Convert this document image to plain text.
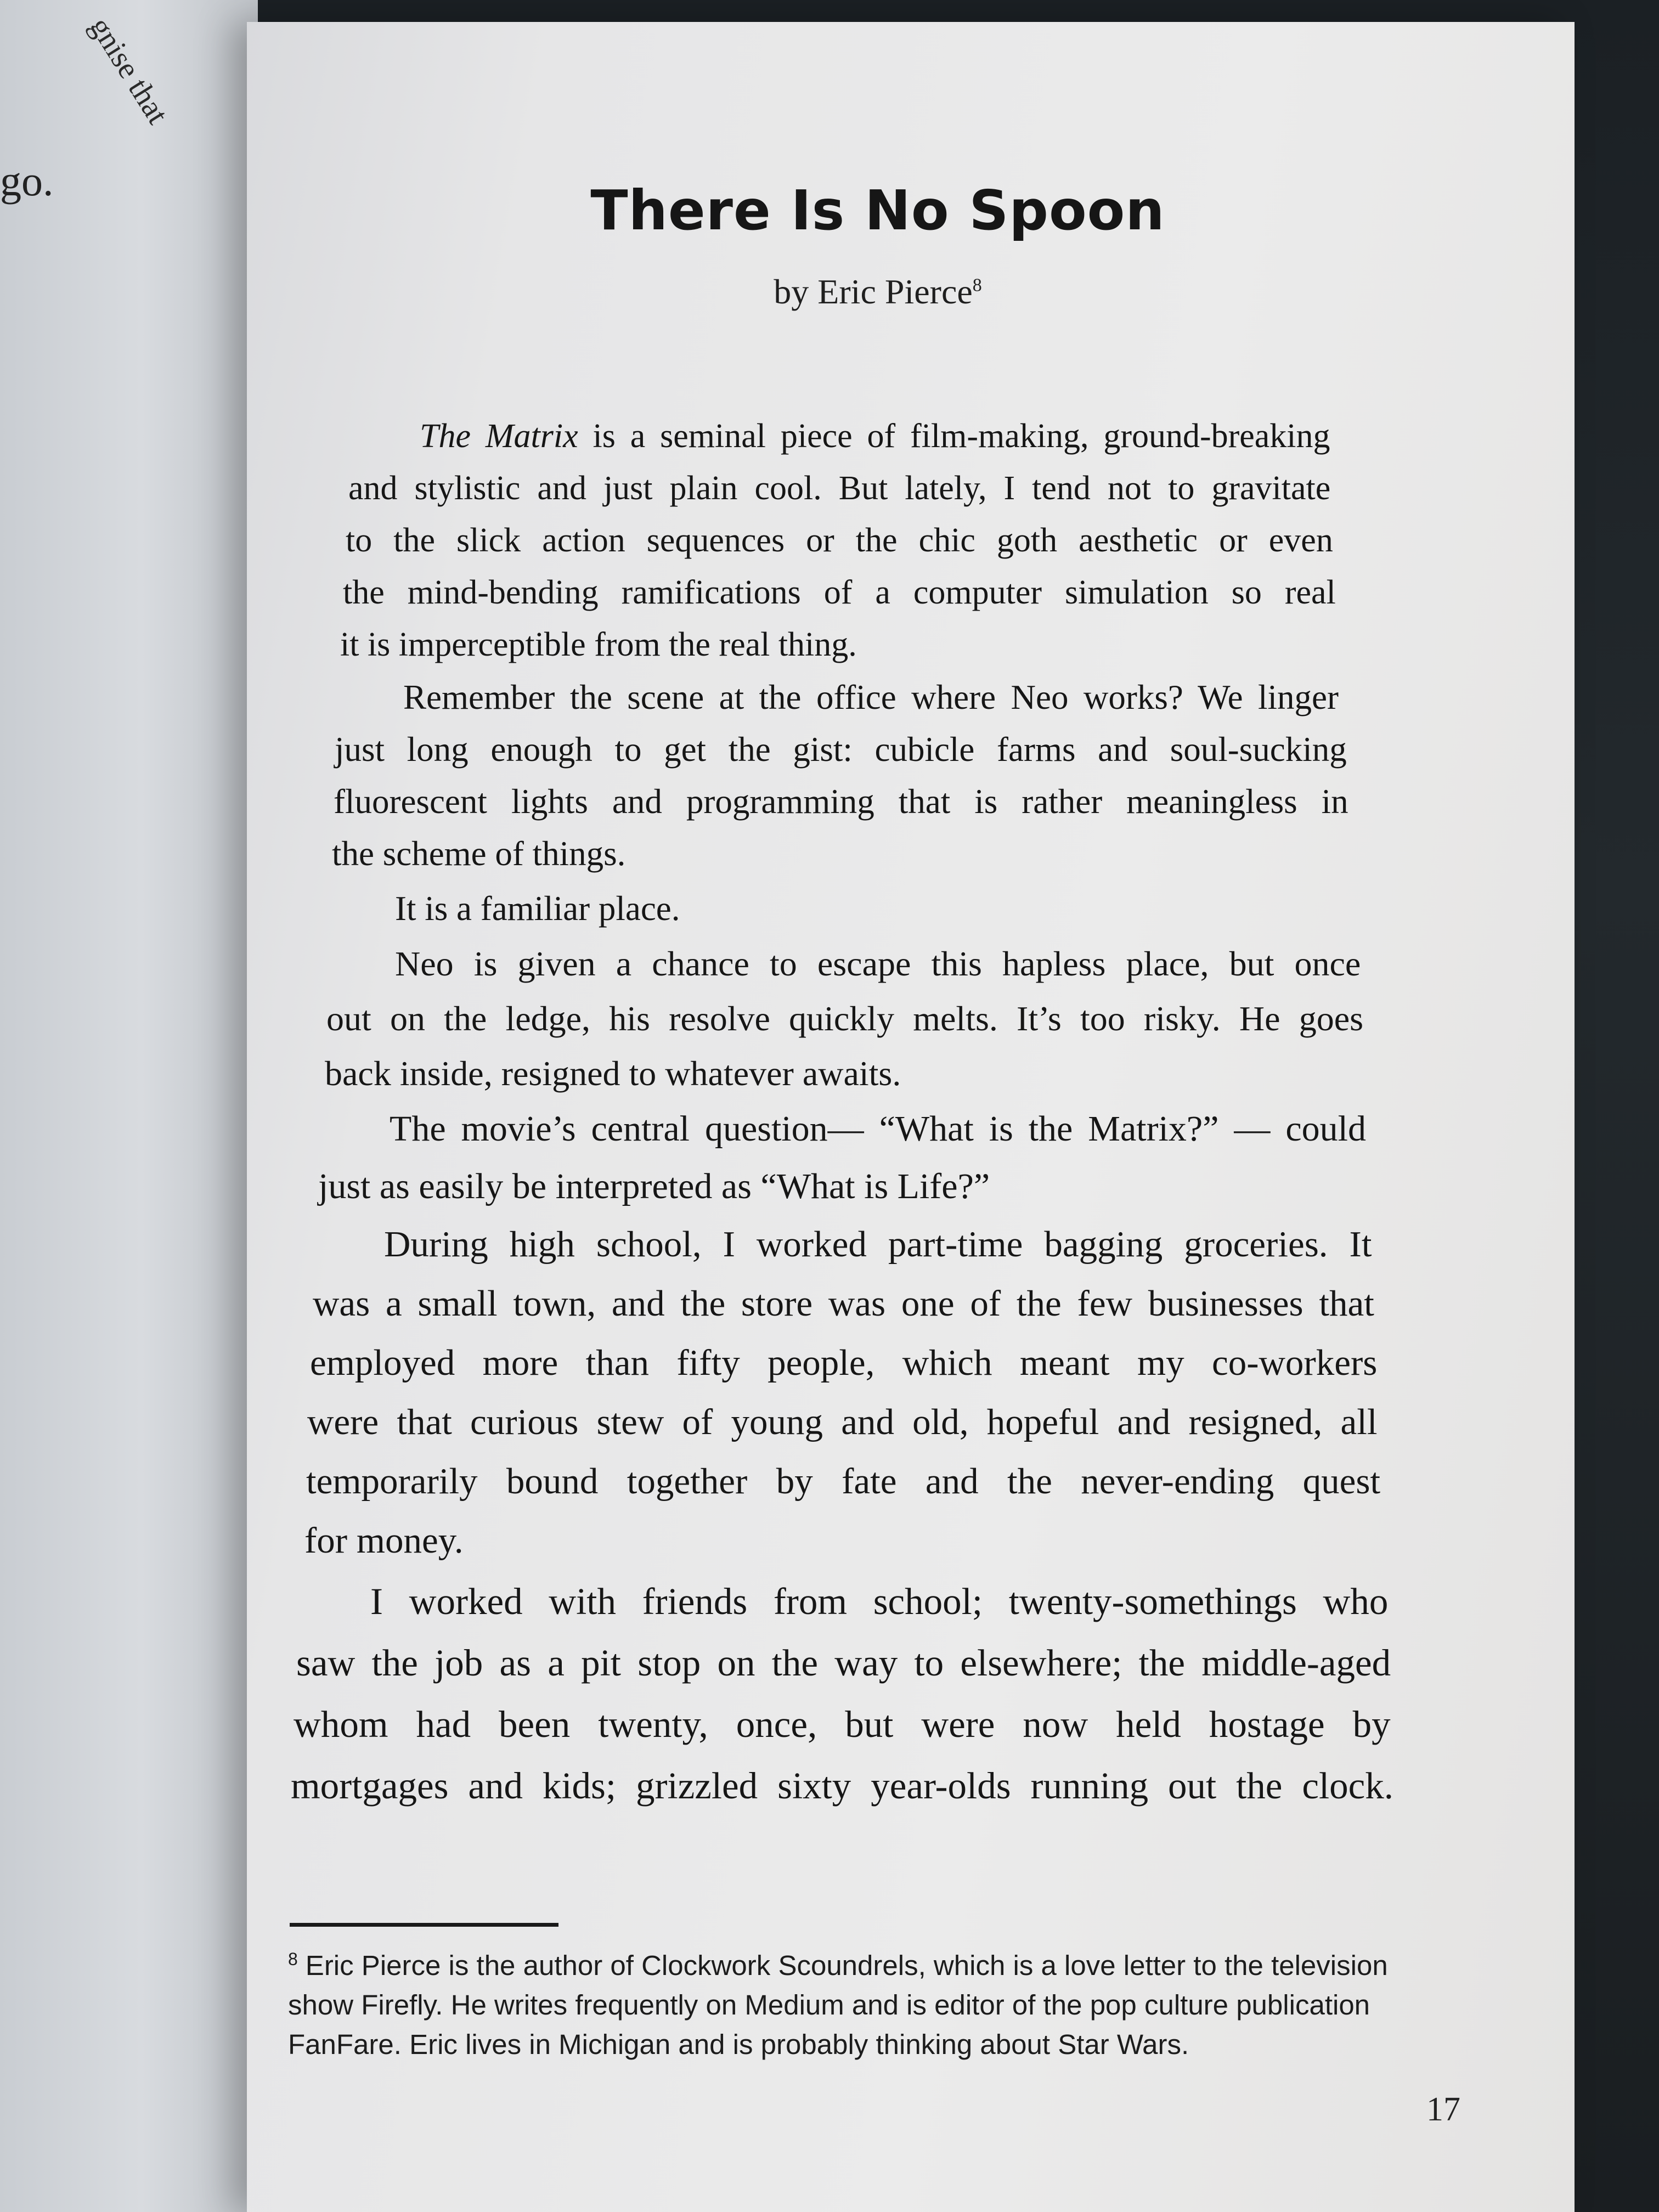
gnise that
go.	There Is No Spoon
by Eric Pierce$^8$

The Matrix is a seminal piece of film-making, ground-breaking

and stylistic and just plain cool. But lately, I tend not to gravitate

to the slick action sequences or the chic goth aesthetic or even

the mind-bending ramifications of a computer simulation so real

it is imperceptible from the real thing.

Remember the scene at the office where Neo works? We linger

just long enough to get the gist: cubicle farms and soul-sucking

fluorescent lights and programming that is rather meaningless in

the scheme of things.

It is a familiar place.

Neo is given a chance to escape this hapless place, but once

out on the ledge, his resolve quickly melts. It’s too risky. He goes

back inside, resigned to whatever awaits.

The movie’s central question— “What is the Matrix?” — could

just as easily be interpreted as “What is Life?”

During high school, I worked part-time bagging groceries. It

was a small town, and the store was one of the few businesses that

employed more than fifty people, which meant my co-workers

were that curious stew of young and old, hopeful and resigned, all

temporarily bound together by fate and the never-ending quest

for money.

I worked with friends from school; twenty-somethings who

saw the job as a pit stop on the way to elsewhere; the middle-aged

whom had been twenty, once, but were now held hostage by

mortgages and kids; grizzled sixty year-olds running out the clock.

$^8$ Eric Pierce is the author of Clockwork Scoundrels, which is a love letter to the television
show Firefly. He writes frequently on Medium and is editor of the pop culture publication
FanFare. Eric lives in Michigan and is probably thinking about Star Wars.
17
